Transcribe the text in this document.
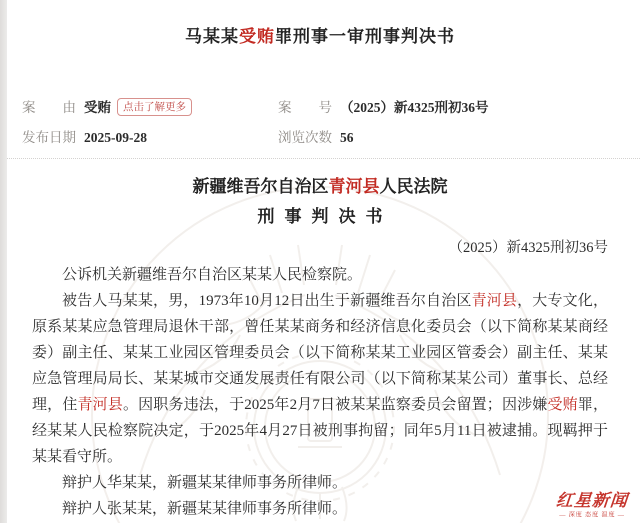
马某某受贿罪刑事一审刑事判决书
案由 受贿 点击了解更多	案号 （2025）新4325刑初36号
发布日期 2025-09-28	浏览次数 56
新疆维吾尔自治区青河县人民法院
刑事判决书
（2025）新4325刑初36号

公诉机关新疆维吾尔自治区某某人民检察院。

被告人马某某，男，1973年10月12日出生于新疆维吾尔自治区青河县，大专文化，原系某某应急管理局退休干部，曾任某某商务和经济信息化委员会（以下简称某某商经委）副主任、某某工业园区管理委员会（以下简称某某工业园区管委会）副主任、某某应急管理局局长、某某城市交通发展责任有限公司（以下简称某某公司）董事长、总经理，住青河县。因职务违法，于2025年2月7日被某某监察委员会留置；因涉嫌受贿罪，经某某人民检察院决定，于2025年4月27日被刑事拘留；同年5月11日被逮捕。现羁押于某某看守所。

辩护人华某某，新疆某某律师事务所律师。

辩护人张某某，新疆某某律师事务所律师。	红星新闻
— 深度 态度 温度 —
